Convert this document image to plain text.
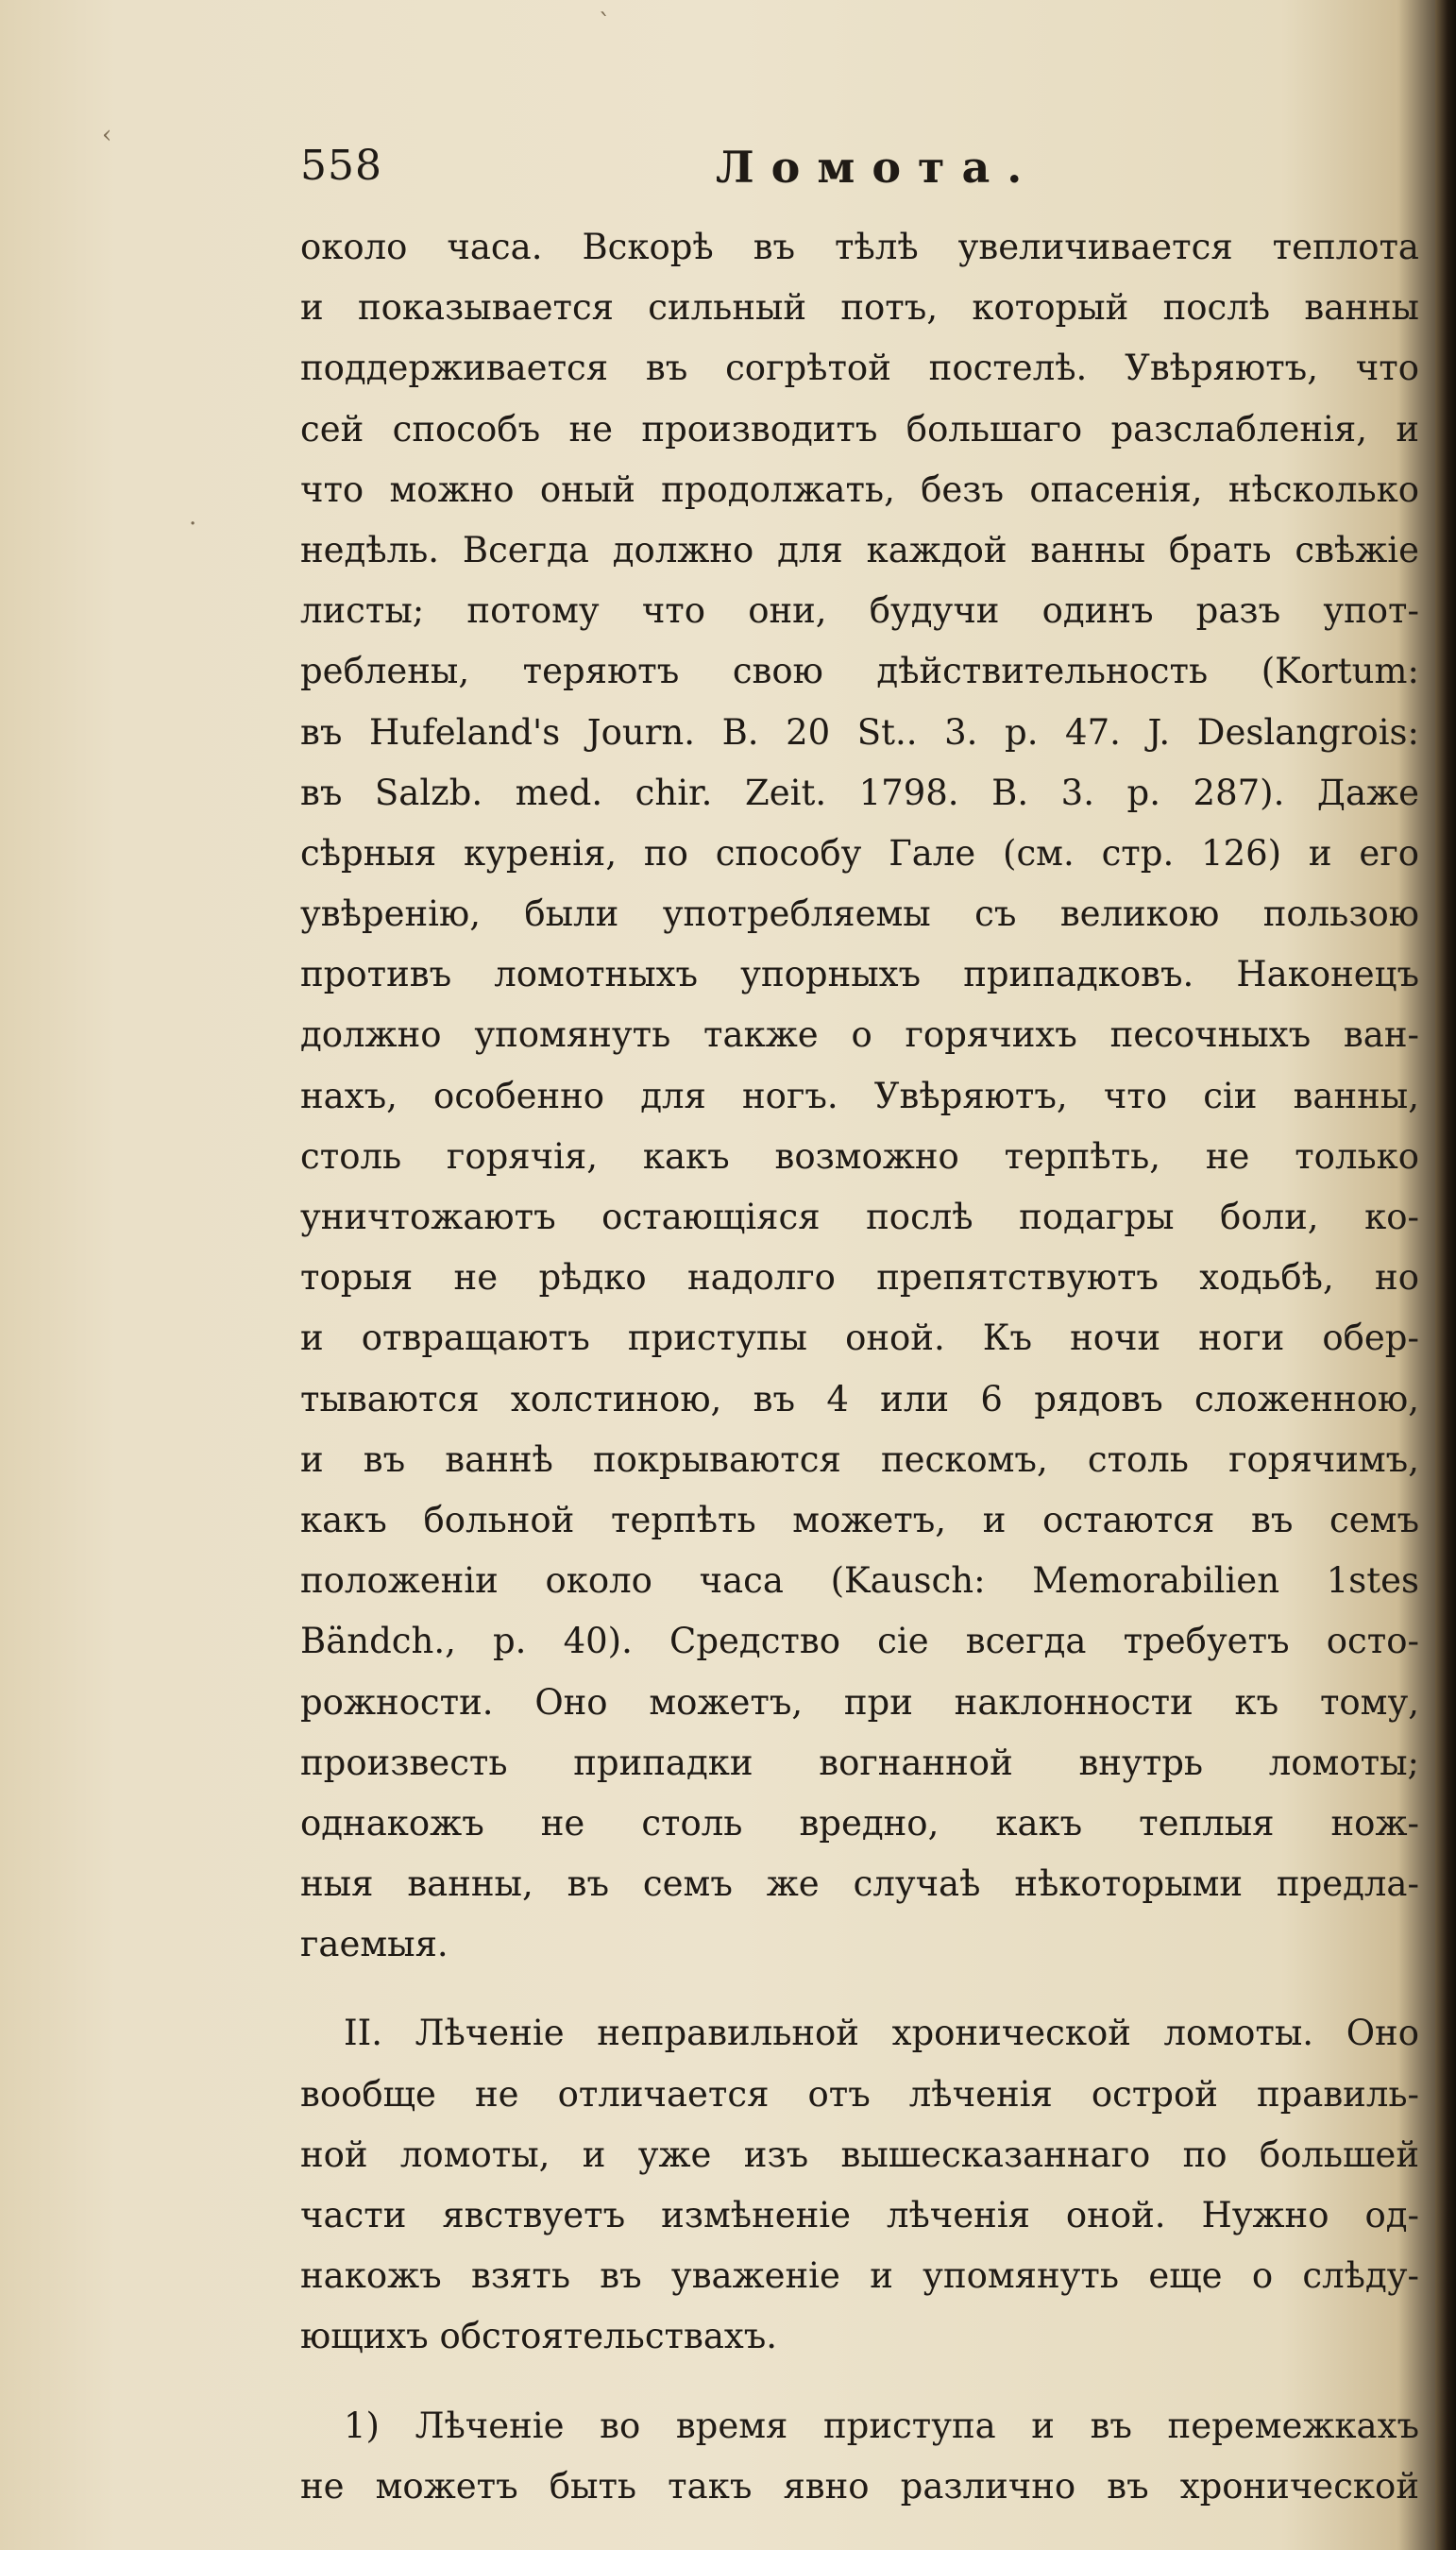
‹
`
·
558	Ломота.
около часа. Вскорѣ въ тѣлѣ увеличивается теплота
и показывается сильный потъ, который послѣ ванны
поддерживается въ согрѣтой постелѣ. Увѣряютъ, что
сей способъ не производитъ большаго разслабленія, и
что можно оный продолжать, безъ опасенія, нѣсколько
недѣль. Всегда должно для каждой ванны брать свѣжіе
листы; потому что они, будучи одинъ разъ упот-
реблены, теряютъ свою дѣйствительность (Kortum:
въ Hufeland's Journ. B. 20 St.. 3. p. 47. J. Deslangrois:
въ Salzb. med. chir. Zeit. 1798. B. 3. p. 287). Даже
сѣрныя куренія, по способу Гале (см. стр. 126) и его
увѣренію, были употребляемы съ великою пользою
противъ ломотныхъ упорныхъ припадковъ. Наконецъ
должно упомянуть также о горячихъ песочныхъ ван-
нахъ, особенно для ногъ. Увѣряютъ, что сіи ванны,
столь горячія, какъ возможно терпѣть, не только
уничтожаютъ остающіяся послѣ подагры боли, ко-
торыя не рѣдко надолго препятствуютъ ходьбѣ, но
и отвращаютъ приступы оной. Къ ночи ноги обер-
тываются холстиною, въ 4 или 6 рядовъ сложенною,
и въ ваннѣ покрываются пескомъ, столь горячимъ,
какъ больной терпѣть можетъ, и остаются въ семъ
положеніи около часа (Kausch: Memorabilien 1stes
Bändch., p. 40). Средство сіе всегда требуетъ осто-
рожности. Оно можетъ, при наклонности къ тому,
произвесть припадки вогнанной внутрь ломоты;
однакожъ не столь вредно, какъ теплыя нож-
ныя ванны, въ семъ же случаѣ нѣкоторыми предла-
гаемыя.
II. Лѣченіе неправильной хронической ломоты. Оно
вообще не отличается отъ лѣченія острой правиль-
ной ломоты, и уже изъ вышесказаннаго по большей
части явствуетъ измѣненіе лѣченія оной. Нужно од-
накожъ взять въ уваженіе и упомянуть еще о слѣду-
ющихъ обстоятельствахъ.
1) Лѣченіе во время приступа и въ перемежкахъ
не можетъ быть такъ явно различно въ хронической
